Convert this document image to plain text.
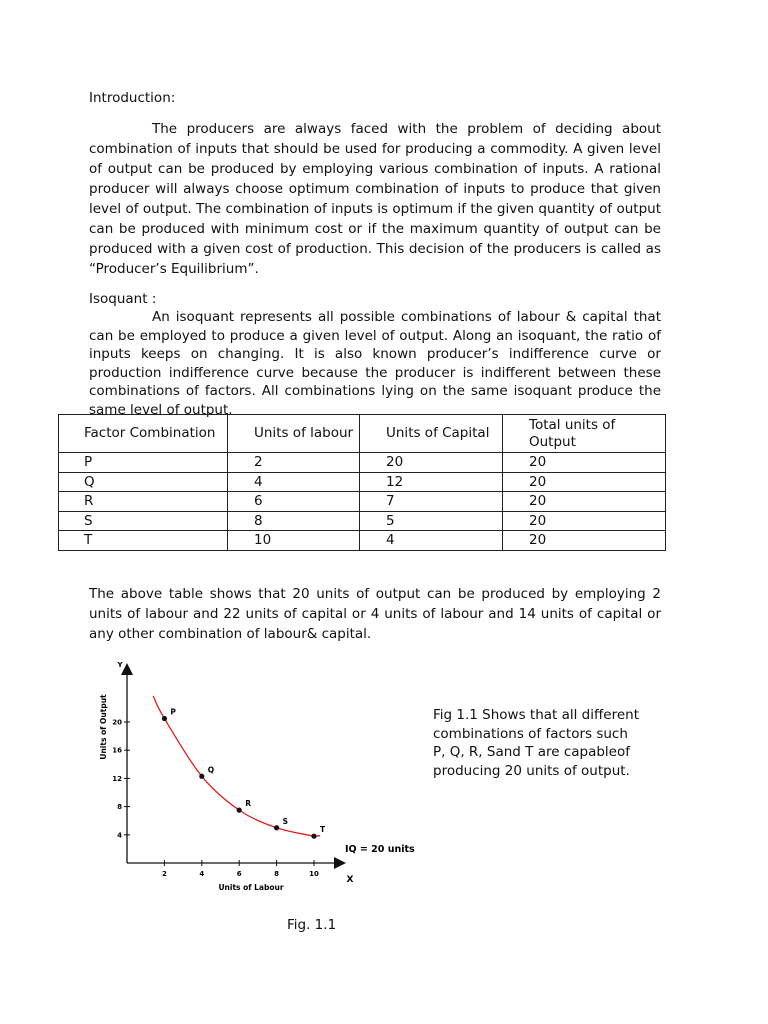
Introduction:

The producers are always faced with the problem of deciding about combination of inputs that should be used for producing a commodity. A given level of output can be produced by employing various combination of inputs. A rational producer will always choose optimum combination of inputs to produce that given level of output. The combination of inputs is optimum if the given quantity of output can be produced with minimum cost or if the maximum quantity of output can be produced with a given cost of production. This decision of the producers is called as “Producer’s Equilibrium”.

Isoquant :

An isoquant represents all possible combinations of labour & capital that can be employed to produce a given level of output. Along an isoquant, the ratio of inputs keeps on changing. It is also known producer’s indifference curve or production indifference curve because the producer is indifferent between these combinations of factors. All combinations lying on the same isoquant produce the same level of output.

Factor Combination	Units of labour	Units of Capital	Total units of Output
P	2	20	20
Q	4	12	20
R	6	7	20
S	8	5	20
T	10	4	20

The above table shows that 20 units of output can be produced by employing 2 units of labour and 22 units of capital or 4 units of labour and 14 units of capital or any other combination of labour& capital.

Y
X
Units of Labour
Units of Output
2	4	6	8	10
4
8
12
16
20
P
Q
R
S
T
IQ = 20 units
Fig 1.1 Shows that all different combinations of factors such P, Q, R, Sand T are capableof producing 20 units of output.
Fig. 1.1
